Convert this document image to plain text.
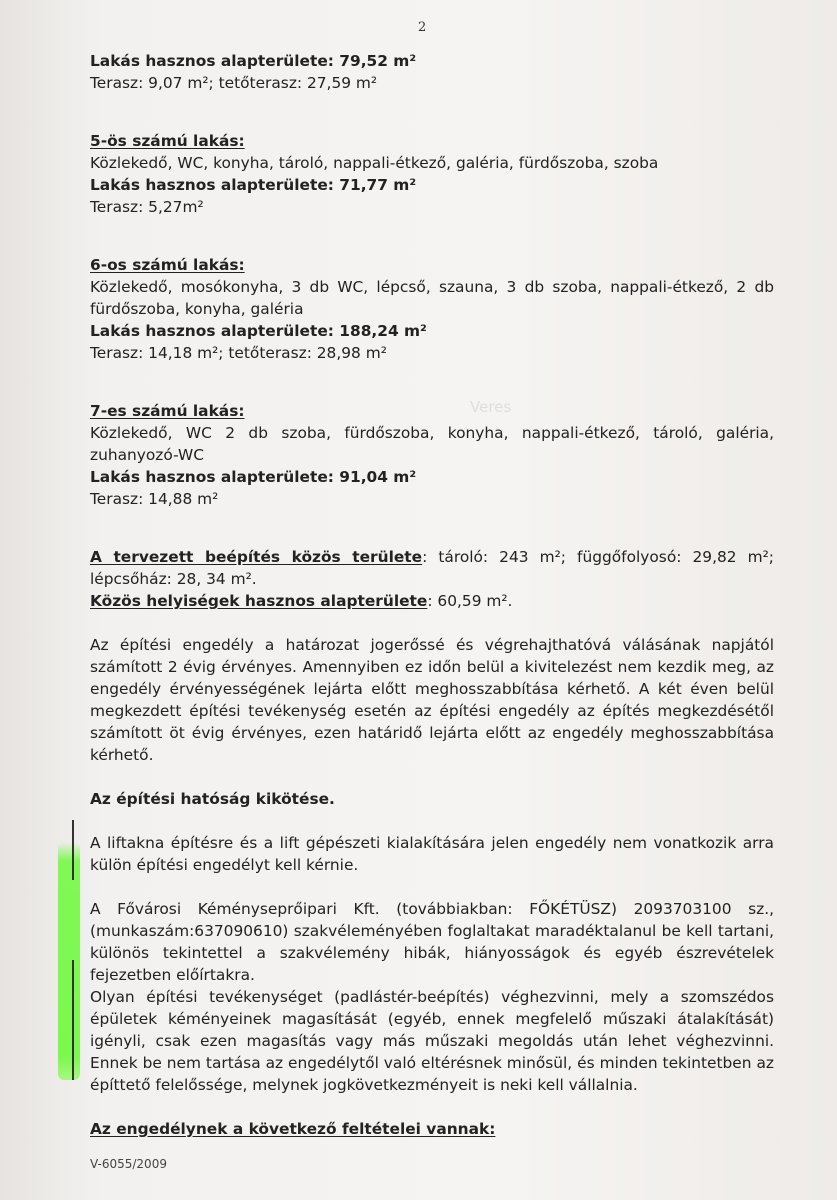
Veres
2
Lakás hasznos alapterülete: 79,52 m²
Terasz: 9,07 m²; tetőterasz: 27,59 m²
5-ös számú lakás:
Közlekedő, WC, konyha, tároló, nappali-étkező, galéria, fürdőszoba, szoba
Lakás hasznos alapterülete: 71,77 m²
Terasz: 5,27m²
6-os számú lakás:
Közlekedő, mosókonyha, 3 db WC, lépcső, szauna, 3 db szoba, nappali-étkező, 2 db fürdőszoba, konyha, galéria
Lakás hasznos alapterülete: 188,24 m²
Terasz: 14,18 m²; tetőterasz: 28,98 m²
7-es számú lakás:
Közlekedő, WC 2 db szoba, fürdőszoba, konyha, nappali-étkező, tároló, galéria, zuhanyozó-WC
Lakás hasznos alapterülete: 91,04 m²
Terasz: 14,88 m²
A tervezett beépítés közös területe: tároló: 243 m²; függőfolyosó: 29,82 m²; lépcsőház: 28, 34 m².
Közös helyiségek hasznos alapterülete: 60,59 m².

Az építési engedély a határozat jogerőssé és végrehajthatóvá válásának napjától számított 2 évig érvényes. Amennyiben ez időn belül a kivitelezést nem kezdik meg, az engedély érvényességének lejárta előtt meghosszabbítása kérhető. A két éven belül megkezdett építési tevékenység esetén az építési engedély az építés megkezdésétől számított öt évig érvényes, ezen határidő lejárta előtt az engedély meghosszabbítása kérhető.

Az építési hatóság kikötése.

A liftakna építésre és a lift gépészeti kialakítására jelen engedély nem vonatkozik arra külön építési engedélyt kell kérnie.

A Fővárosi Kéményseprőipari Kft. (továbbiakban: FŐKÉTÜSZ) 2093703100 sz., (munkaszám:637090610) szakvéleményében foglaltakat maradéktalanul be kell tartani, különös tekintettel a szakvélemény hibák, hiányosságok és egyéb észrevételek fejezetben előírtakra.

Olyan építési tevékenységet (padlástér-beépítés) véghezvinni, mely a szomszédos épületek kéményeinek magasítását (egyéb, ennek megfelelő műszaki átalakítását) igényli, csak ezen magasítás vagy más műszaki megoldás után lehet véghezvinni. Ennek be nem tartása az engedélytől való eltérésnek minősül, és minden tekintetben az építtető felelőssége, melynek jogkövetkezményeit is neki kell vállalnia.

Az engedélynek a következő feltételei vannak:
V-6055/2009
